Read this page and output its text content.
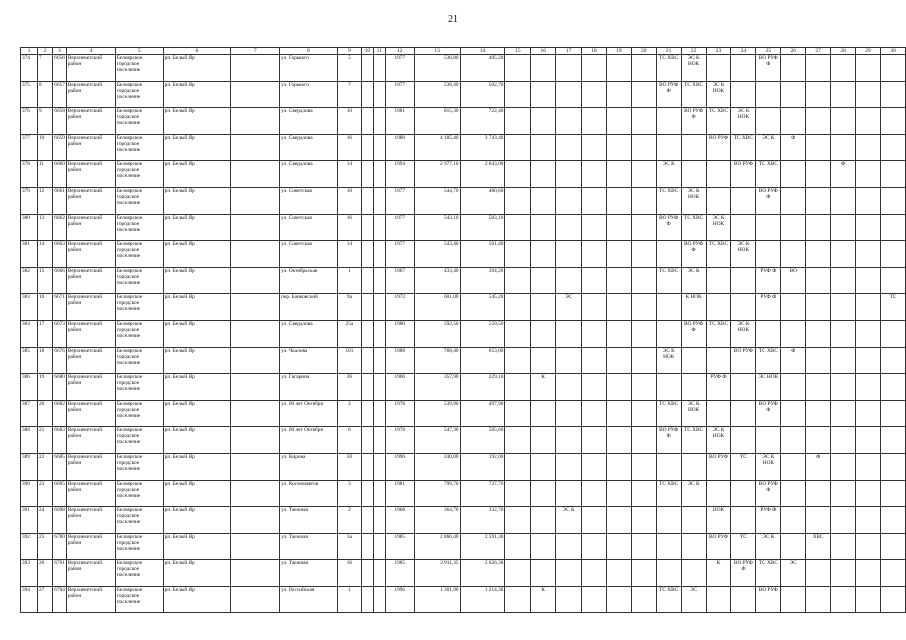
21
1	2	3	4	5	6	7	8	9	10	11	12	13	14	15	16	17	18	19	20	21	22	23	24	25	26	27	28	29	30
374	7	6656	Верхнекетский район	Белоярское городское поселение	рп. Белый Яр		ул. Горького	5			1977	536,80	495,20							ТС ХВС	ЭС К НОК			ВО РУФ Ф					
375	8	6657	Верхнекетский район	Белоярское городское поселение	рп. Белый Яр		ул. Горького	7			1977	538,40	502,70							ВО РУФ Ф	ТС ХВС	ЭС К НОК							
376	9	6658	Верхнекетский район	Белоярское городское поселение	рп. Белый Яр		ул. Свердлова	10			1981	815,30	722,40								ВО РУФ Ф	ТС ХВС	ЭС К НОК						
377	10	6659	Верхнекетский район	Белоярское городское поселение	рп. Белый Яр		ул. Свердлова	16			1988	4 185,40	3 743,40									ВО РУФ	ТС ХВС	ЭС К	Ф				
378	11	6660	Верхнекетский район	Белоярское городское поселение	рп. Белый Яр		ул. Свердлова	14			1994	2 977,10	2 643,00							ЭС К			ВО РУФ	ТС ХВС			Ф		
379	12	6661	Верхнекетский район	Белоярское городское поселение	рп. Белый Яр		ул. Советская	18			1977	544,70	480,60							ТС ХВС	ЭС К НОК			ВО РУФ Ф					
380	13	6662	Верхнекетский район	Белоярское городское поселение	рп. Белый Яр		ул. Советская	16			1977	543,10	503,10							ВО РУФ Ф	ТС ХВС	ЭС К НОК							
381	14	6663	Верхнекетский район	Белоярское городское поселение	рп. Белый Яр		ул. Советская	14			1977	543,40	501,40								ВО РУФ Ф	ТС ХВС	ЭС К НОК						
382	15	6666	Верхнекетский район	Белоярское городское поселение	рп. Белый Яр		ул. Октябрьская	1			1967	433,40	394,20							ТС ХВС	ЭС К			РУФ Ф	ВО				
383	16	6671	Верхнекетский район	Белоярское городское поселение	рп. Белый Яр		пер. Банковский	9а			1972	601,00	545,20			ЭС					К НОК			РУФ Ф					ТС
384	17	6673	Верхнекетский район	Белоярское городское поселение	рп. Белый Яр		ул. Свердлова	25а			1980	592,50	550,50								ВО РУФ Ф	ТС ХВС	ЭС К НОК						
385	18	6676	Верхнекетский район	Белоярское городское поселение	рп. Белый Яр		ул. Чкалова	101			1988	768,40	653,00							ЭС К НОК			ВО РУФ	ТС ХВС	Ф				
386	19	6680	Верхнекетский район	Белоярское городское поселение	рп. Белый Яр		ул. Гагарина	36			1966	357,90	329,10		К							РУФ Ф		ЭС НОК					
387	20	6682	Верхнекетский район	Белоярское городское поселение	рп. Белый Яр		ул. 60 лет Октября	2			1978	539,90	497,90							ТС ХВС	ЭС К НОК			ВО РУФ Ф					
388	21	6683	Верхнекетский район	Белоярское городское поселение	рп. Белый Яр		ул. 60 лет Октября	6			1978	547,30	505,60							ВО РУФ Ф	ТС ХВС	ЭС К НОК							
389	22	6685	Верхнекетский район	Белоярское городское поселение	рп. Белый Яр		ул. Кирова	50			1990	240,00	192,00									ВО РУФ	ТС	ЭС К НОК		Ф			
390	23	6695	Верхнекетский район	Белоярское городское поселение	рп. Белый Яр		ул. Космонавтов	3			1981	799,70	737,70							ТС ХВС	ЭС К			ВО РУФ Ф					
391	24	6698	Верхнекетский район	Белоярское городское поселение	рп. Белый Яр		ул. Таежная	2			1968	364,70	332,70			ЭС К						НОК		РУФ Ф					
392	25	6700	Верхнекетский район	Белоярское городское поселение	рп. Белый Яр		ул. Таежная	3а			1985	2 860,40	2 591,30									ВО РУФ	ТС	ЭС К		ХВС			
393	26	6701	Верхнекетский район	Белоярское городское поселение	рп. Белый Яр		ул. Таежная	16			1985	2 911,35	2 626,30									К	ВО РУФ Ф	ТС ХВС	ЭС				
394	27	6704	Верхнекетский район	Белоярское городское поселение	рп. Белый Яр		ул. Российская	1			1996	1 301,90	1 214,30		К					ТС ХВС	ЭС			ВО РУФ					
